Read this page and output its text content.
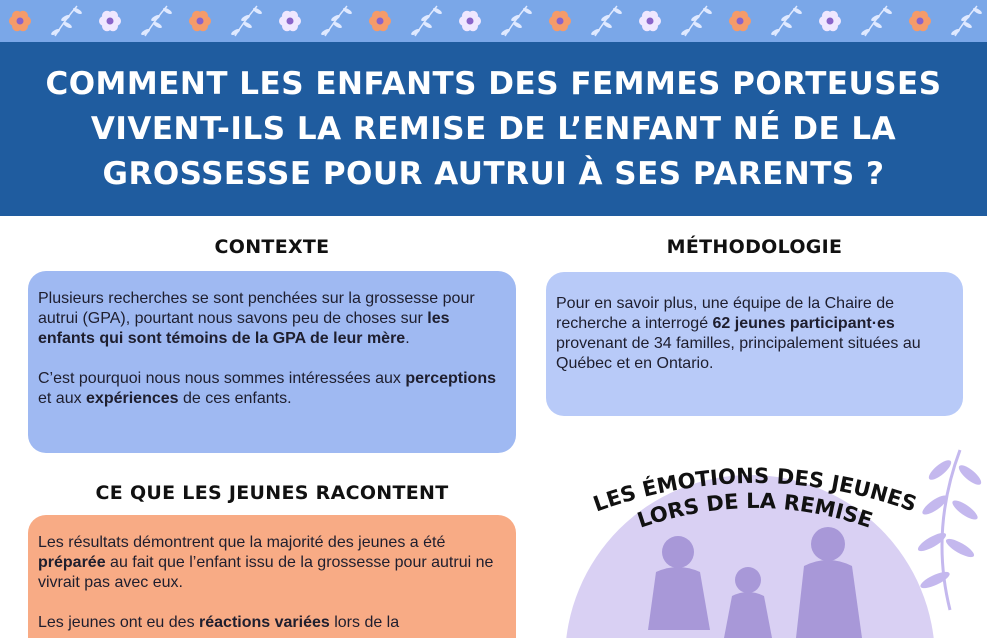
COMMENT LES ENFANTS DES FEMMES PORTEUSES VIVENT-ILS LA REMISE DE L’ENFANT NÉ DE LA GROSSESSE POUR AUTRUI À SES PARENTS ?
CONTEXTE

Plusieurs recherches se sont penchées sur la grossesse pour autrui (GPA), pourtant nous savons peu de choses sur les enfants qui sont témoins de la GPA de leur mère.

C’est pourquoi nous nous sommes intéressées aux perceptions et aux expériences de ces enfants.

MÉTHODOLOGIE

Pour en savoir plus, une équipe de la Chaire de recherche a interrogé 62 jeunes participant·es provenant de 34 familles, principalement situées au Québec et en Ontario.

CE QUE LES JEUNES RACONTENT

Les résultats démontrent que la majorité des jeunes a été préparée au fait que l’enfant issu de la grossesse pour autrui ne vivrait pas avec eux.

Les jeunes ont eu des réactions variées lors de la

LES ÉMOTIONS DES JEUNES
LORS DE LA REMISE
